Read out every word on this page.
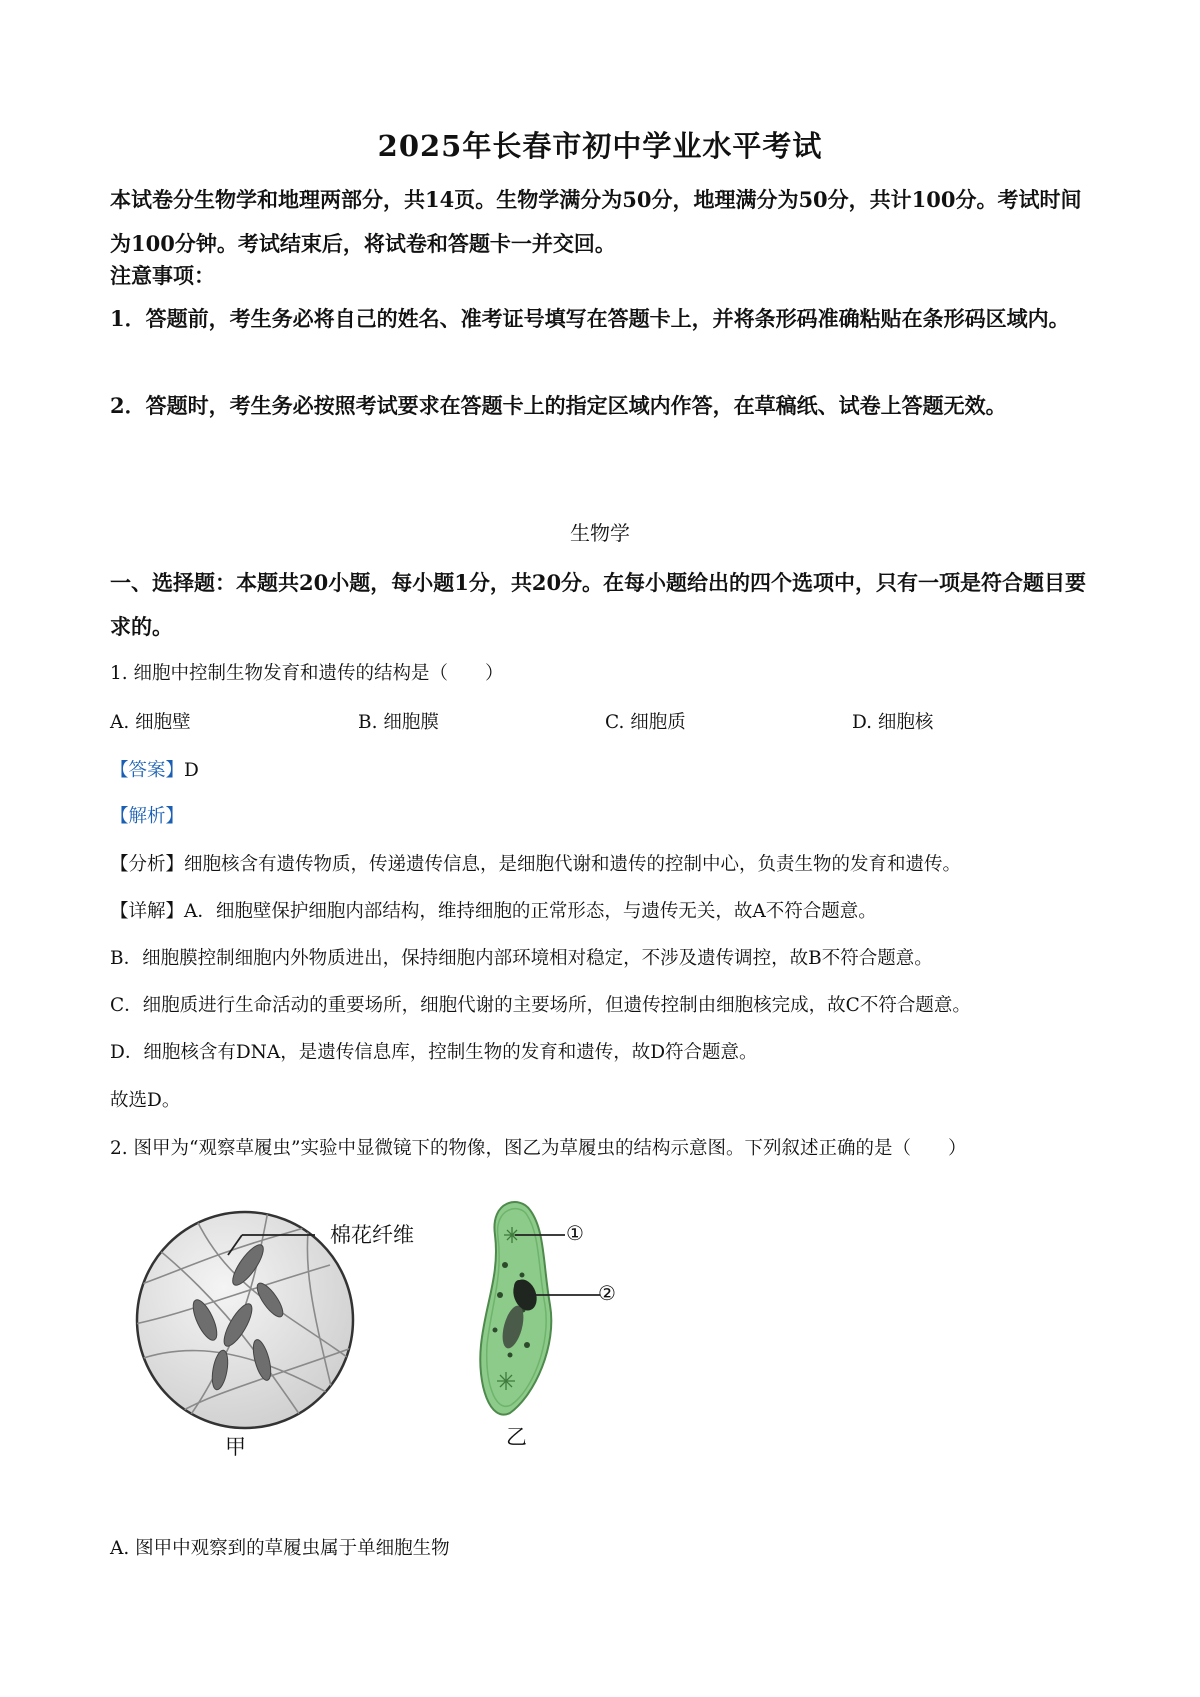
2025年长春市初中学业水平考试
本试卷分生物学和地理两部分，共14页。生物学满分为50分，地理满分为50分，共计100分。考试时间为100分钟。考试结束后，将试卷和答题卡一并交回。
注意事项：
1．答题前，考生务必将自己的姓名、准考证号填写在答题卡上，并将条形码准确粘贴在条形码区域内。
2．答题时，考生务必按照考试要求在答题卡上的指定区域内作答，在草稿纸、试卷上答题无效。
生物学
一、选择题：本题共20小题，每小题1分，共20分。在每小题给出的四个选项中，只有一项是符合题目要求的。
1. 细胞中控制生物发育和遗传的结构是（　　）
A. 细胞壁	B. 细胞膜	C. 细胞质	D. 细胞核
【答案】D
【解析】
【分析】细胞核含有遗传物质，传递遗传信息，是细胞代谢和遗传的控制中心，负责生物的发育和遗传。
【详解】A．细胞壁保护细胞内部结构，维持细胞的正常形态，与遗传无关，故A不符合题意。
B．细胞膜控制细胞内外物质进出，保持细胞内部环境相对稳定，不涉及遗传调控，故B不符合题意。
C．细胞质进行生命活动的重要场所，细胞代谢的主要场所，但遗传控制由细胞核完成，故C不符合题意。
D．细胞核含有DNA，是遗传信息库，控制生物的发育和遗传，故D符合题意。
故选D。
2. 图甲为“观察草履虫”实验中显微镜下的物像，图乙为草履虫的结构示意图。下列叙述正确的是（　　）
棉花纤维
甲
①
②
乙
A. 图甲中观察到的草履虫属于单细胞生物
